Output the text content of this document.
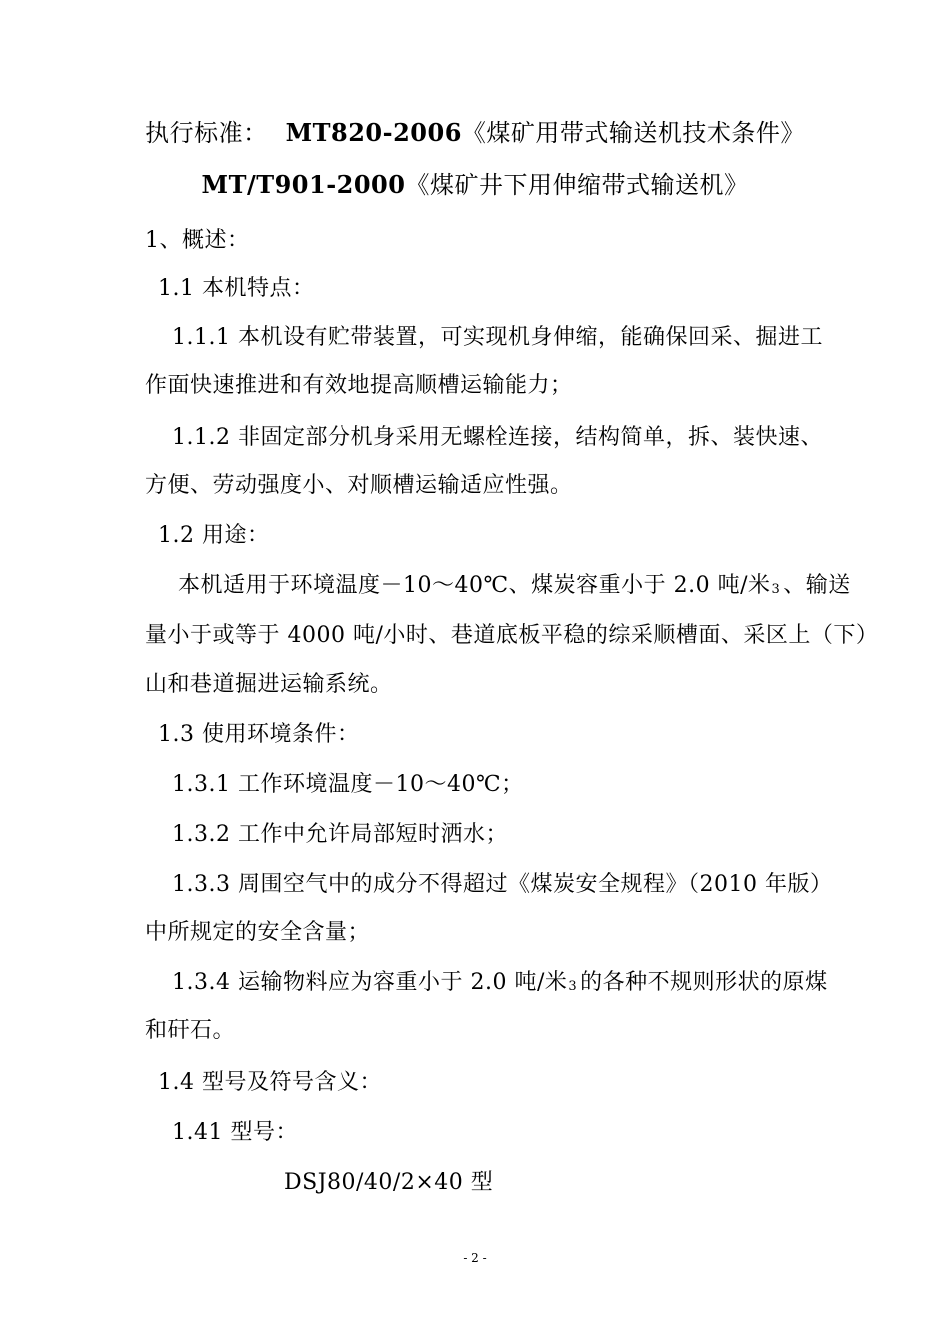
执行标准： MT820-2006《煤矿用带式输送机技术条件》
MT/T901-2000《煤矿井下用伸缩带式输送机》
1、概述：
1.1 本机特点：
1.1.1 本机设有贮带装置，可实现机身伸缩，能确保回采、掘进工
作面快速推进和有效地提高顺槽运输能力；
1.1.2 非固定部分机身采用无螺栓连接，结构简单，拆、装快速、
方便、劳动强度小、对顺槽运输适应性强。
1.2 用途：
本机适用于环境温度－10～40℃、煤炭容重小于 2.0 吨/米3 、输送
量小于或等于 4000 吨/小时、巷道底板平稳的综采顺槽面、采区上（下）
山和巷道掘进运输系统。
1.3 使用环境条件：
1.3.1 工作环境温度－10～40℃；
1.3.2 工作中允许局部短时洒水；
1.3.3 周围空气中的成分不得超过《煤炭安全规程》（2010 年版）
中所规定的安全含量；
1.3.4 运输物料应为容重小于 2.0 吨/米3 的各种不规则形状的原煤
和矸石。
1.4 型号及符号含义：
1.41 型号：
DSJ80/40/2×40 型
- 2 -
